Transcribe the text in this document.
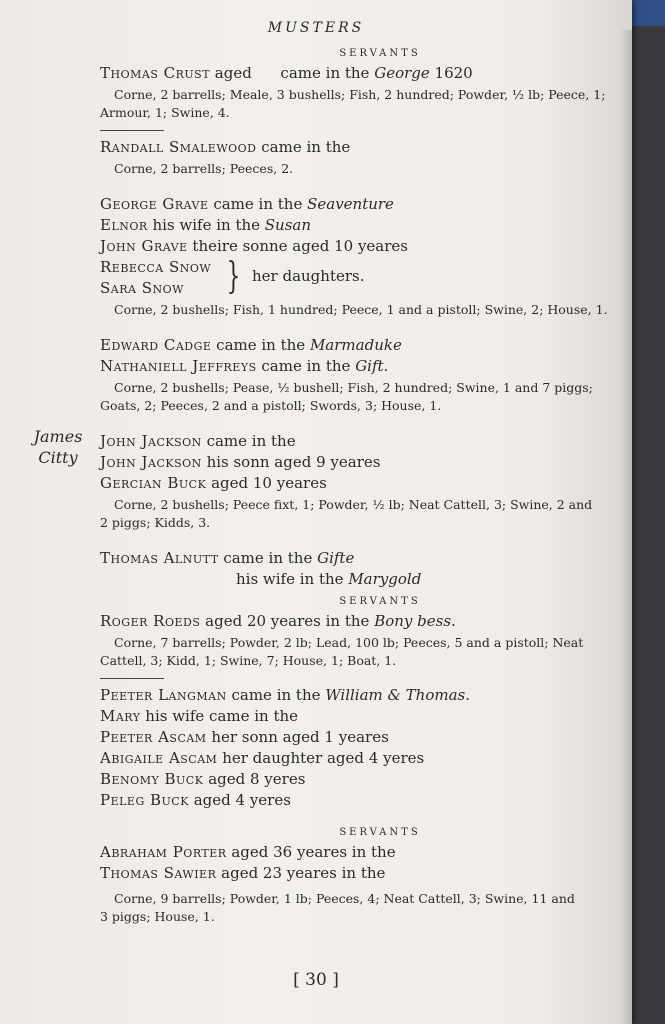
MUSTERS
James
Citty
SERVANTS
Thomas Crust aged      came in the George 1620
Corne, 2 barrells; Meale, 3 bushells; Fish, 2 hundred; Powder, ½ lb; Peece, 1;
Armour, 1; Swine, 4.
Randall Smalewood came in the
Corne, 2 barrells; Peeces, 2.
George Grave came in the Seaventure
Elnor his wife in the Susan
John Grave theire sonne aged 10 yeares
Rebecca Snow
Sara Snow	} her daughters.
Corne, 2 bushells; Fish, 1 hundred; Peece, 1 and a pistoll; Swine, 2; House, 1.
Edward Cadge came in the Marmaduke
Nathaniell Jeffreys came in the Gift.
Corne, 2 bushells; Pease, ½ bushell; Fish, 2 hundred; Swine, 1 and 7 piggs;
Goats, 2; Peeces, 2 and a pistoll; Swords, 3; House, 1.
John Jackson came in the
John Jackson his sonn aged 9 yeares
Gercian Buck aged 10 yeares
Corne, 2 bushells; Peece fixt, 1; Powder, ½ lb; Neat Cattell, 3; Swine, 2 and
2 piggs; Kidds, 3.
Thomas Alnutt came in the Gifte
his wife in the Marygold
SERVANTS
Roger Roeds aged 20 yeares in the Bony bess.
Corne, 7 barrells; Powder, 2 lb; Lead, 100 lb; Peeces, 5 and a pistoll; Neat
Cattell, 3; Kidd, 1; Swine, 7; House, 1; Boat, 1.
Peeter Langman came in the William & Thomas.
Mary his wife came in the
Peeter Ascam her sonn aged 1 yeares
Abigaile Ascam her daughter aged 4 yeres
Benomy Buck aged 8 yeres
Peleg Buck aged 4 yeres
SERVANTS
Abraham Porter aged 36 yeares in the
Thomas Sawier aged 23 yeares in the
Corne, 9 barrells; Powder, 1 lb; Peeces, 4; Neat Cattell, 3; Swine, 11 and
3 piggs; House, 1.
[ 30 ]
